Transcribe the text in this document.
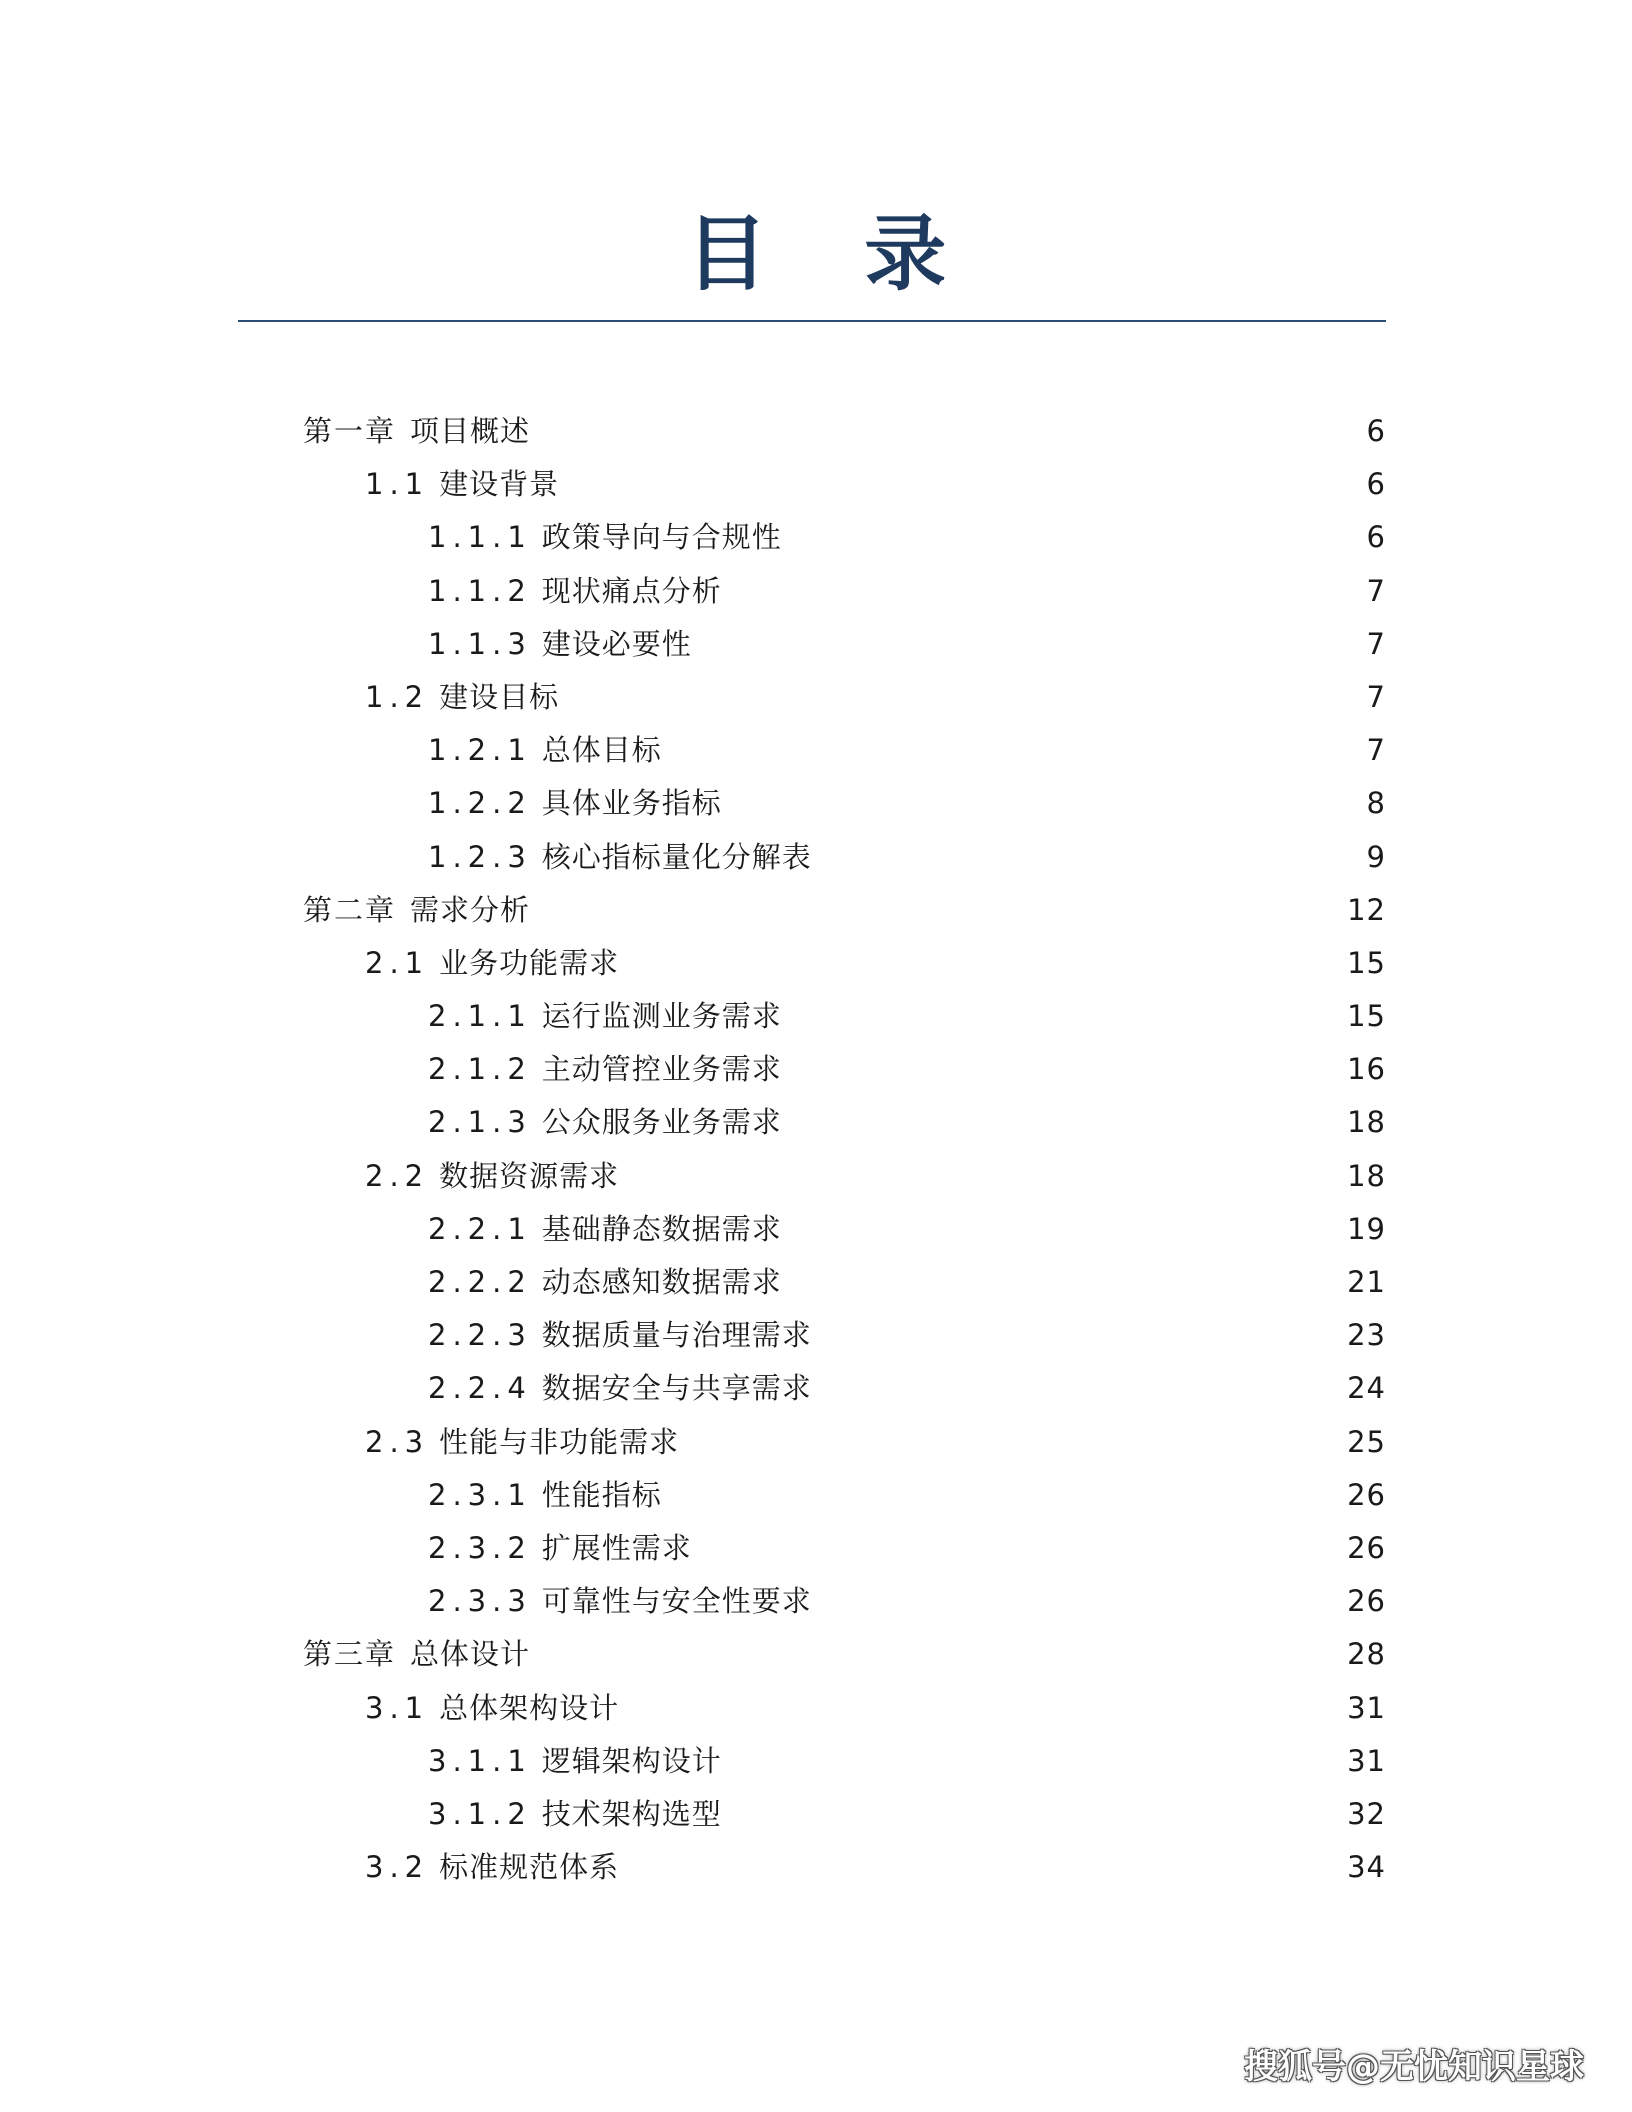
目 录
第一章 项目概述	6
1.1 建设背景	6
1.1.1 政策导向与合规性	6
1.1.2 现状痛点分析	7
1.1.3 建设必要性	7
1.2 建设目标	7
1.2.1 总体目标	7
1.2.2 具体业务指标	8
1.2.3 核心指标量化分解表	9
第二章 需求分析	12
2.1 业务功能需求	15
2.1.1 运行监测业务需求	15
2.1.2 主动管控业务需求	16
2.1.3 公众服务业务需求	18
2.2 数据资源需求	18
2.2.1 基础静态数据需求	19
2.2.2 动态感知数据需求	21
2.2.3 数据质量与治理需求	23
2.2.4 数据安全与共享需求	24
2.3 性能与非功能需求	25
2.3.1 性能指标	26
2.3.2 扩展性需求	26
2.3.3 可靠性与安全性要求	26
第三章 总体设计	28
3.1 总体架构设计	31
3.1.1 逻辑架构设计	31
3.1.2 技术架构选型	32
3.2 标准规范体系	34
搜狐号@无忧知识星球
